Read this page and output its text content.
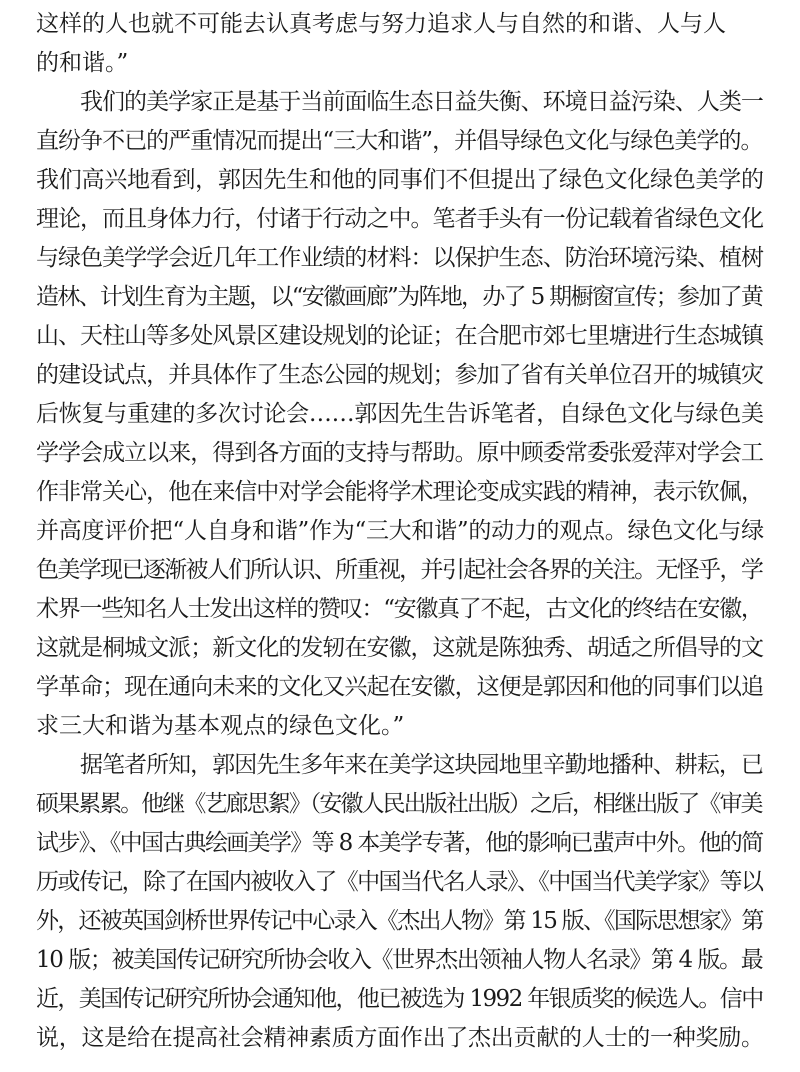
这样的人也就不可能去认真考虑与努力追求人与自然的和谐、人与人
的和谐。”
我们的美学家正是基于当前面临生态日益失衡、环境日益污染、人类一
直纷争不已的严重情况而提出“三大和谐”，并倡导绿色文化与绿色美学的。
我们高兴地看到，郭因先生和他的同事们不但提出了绿色文化绿色美学的
理论，而且身体力行，付诸于行动之中。笔者手头有一份记载着省绿色文化
与绿色美学学会近几年工作业绩的材料：以保护生态、防治环境污染、植树
造林、计划生育为主题，以“安徽画廊”为阵地，办了 5 期橱窗宣传；参加了黄
山、天柱山等多处风景区建设规划的论证；在合肥市郊七里塘进行生态城镇
的建设试点，并具体作了生态公园的规划；参加了省有关单位召开的城镇灾
后恢复与重建的多次讨论会……郭因先生告诉笔者，自绿色文化与绿色美
学学会成立以来，得到各方面的支持与帮助。原中顾委常委张爱萍对学会工
作非常关心，他在来信中对学会能将学术理论变成实践的精神，表示钦佩，
并高度评价把“人自身和谐”作为“三大和谐”的动力的观点。绿色文化与绿
色美学现已逐渐被人们所认识、所重视，并引起社会各界的关注。无怪乎，学
术界一些知名人士发出这样的赞叹：“安徽真了不起，古文化的终结在安徽，
这就是桐城文派；新文化的发轫在安徽，这就是陈独秀、胡适之所倡导的文
学革命；现在通向未来的文化又兴起在安徽，这便是郭因和他的同事们以追
求三大和谐为基本观点的绿色文化。”
据笔者所知，郭因先生多年来在美学这块园地里辛勤地播种、耕耘，已
硕果累累。他继《艺廊思絮》（安徽人民出版社出版）之后，相继出版了《审美
试步》、《中国古典绘画美学》等 8 本美学专著，他的影响已蜚声中外。他的简
历或传记，除了在国内被收入了《中国当代名人录》、《中国当代美学家》等以
外，还被英国剑桥世界传记中心录入《杰出人物》第 15 版、《国际思想家》第
10 版；被美国传记研究所协会收入《世界杰出领袖人物人名录》第 4 版。最
近，美国传记研究所协会通知他，他已被选为 1992 年银质奖的候选人。信中
说，这是给在提高社会精神素质方面作出了杰出贡献的人士的一种奖励。
